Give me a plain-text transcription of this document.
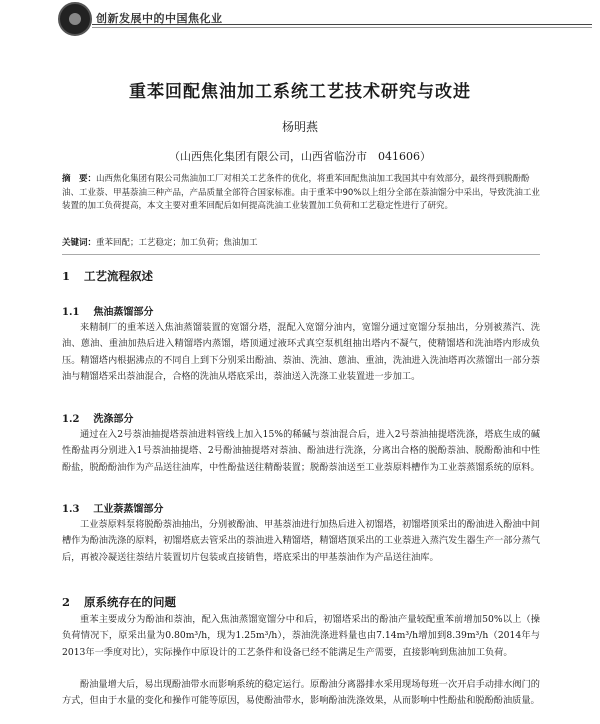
创新发展中的中国焦化业
重苯回配焦油加工系统工艺技术研究与改进
杨明燕
（山西焦化集团有限公司，山西省临汾市　041606）
摘　要：山西焦化集团有限公司焦油加工厂对相关工艺条件的优化，将重苯回配焦油加工我国其中有效部分，最终得到脱酚酚油、工业萘、甲基萘油三种产品，产品质量全部符合国家标准。由于重苯中90%以上组分全部在萘油馏分中采出，导致洗油工业装置的加工负荷提高，本文主要对重苯回配后如何提高洗油工业装置加工负荷和工艺稳定性进行了研究。
关键词：重苯回配；工艺稳定；加工负荷；焦油加工
1 工艺流程叙述
1.1 焦油蒸馏部分
来精制厂的重苯送入焦油蒸馏装置的宽馏分塔，混配入宽馏分油内，宽馏分通过宽馏分泵抽出，分别被蒸汽、洗油、蒽油、重油加热后进入精馏塔内蒸馏，塔顶通过液环式真空泵机组抽出塔内不凝气，使精馏塔和洗油塔内形成负压。精馏塔内根据沸点的不同自上到下分别采出酚油、萘油、洗油、蒽油、重油，洗油进入洗油塔再次蒸馏出一部分萘油与精馏塔采出萘油混合，合格的洗油从塔底采出，萘油送入洗涤工业装置进一步加工。
1.2 洗涤部分
通过在入2号萘油抽提塔萘油进料管线上加入15%的稀碱与萘油混合后，进入2号萘油抽提塔洗涤，塔底生成的碱性酚盐再分别进入1号萘油抽提塔、2号酚油抽提塔对萘油、酚油进行洗涤，分离出合格的脱酚萘油、脱酚酚油和中性酚盐，脱酚酚油作为产品送往油库，中性酚盐送往精酚装置；脱酚萘油送至工业萘原料槽作为工业萘蒸馏系统的原料。
1.3 工业萘蒸馏部分
工业萘原料泵将脱酚萘油抽出，分别被酚油、甲基萘油进行加热后进入初馏塔，初馏塔顶采出的酚油进入酚油中间槽作为酚油洗涤的原料，初馏塔底去管采出的萘油进入精馏塔，精馏塔顶采出的工业萘进入蒸汽发生器生产一部分蒸气后，再被冷凝送往萘结片装置切片包装或直接销售，塔底采出的甲基萘油作为产品送往油库。
2 原系统存在的问题
重苯主要成分为酚油和萘油，配入焦油蒸馏宽馏分中和后，初馏塔采出的酚油产量较配重苯前增加50%以上（操负荷情况下，原采出量为0.80m³/h，现为1.25m³/h），萘油洗涤进料量也由7.14m³/h增加到8.39m³/h（2014年与2013年一季度对比），实际操作中原设计的工艺条件和设备已经不能满足生产需要，直接影响到焦油加工负荷。
酚油量增大后，易出现酚油带水而影响系统的稳定运行。原酚油分离器排水采用现场每班一次开启手动排水阀门的方式，但由于水量的变化和操作可能等原因，易使酚油带水，影响酚油洗涤效果，从而影响中性酚盐和脱酚酚油质量。
